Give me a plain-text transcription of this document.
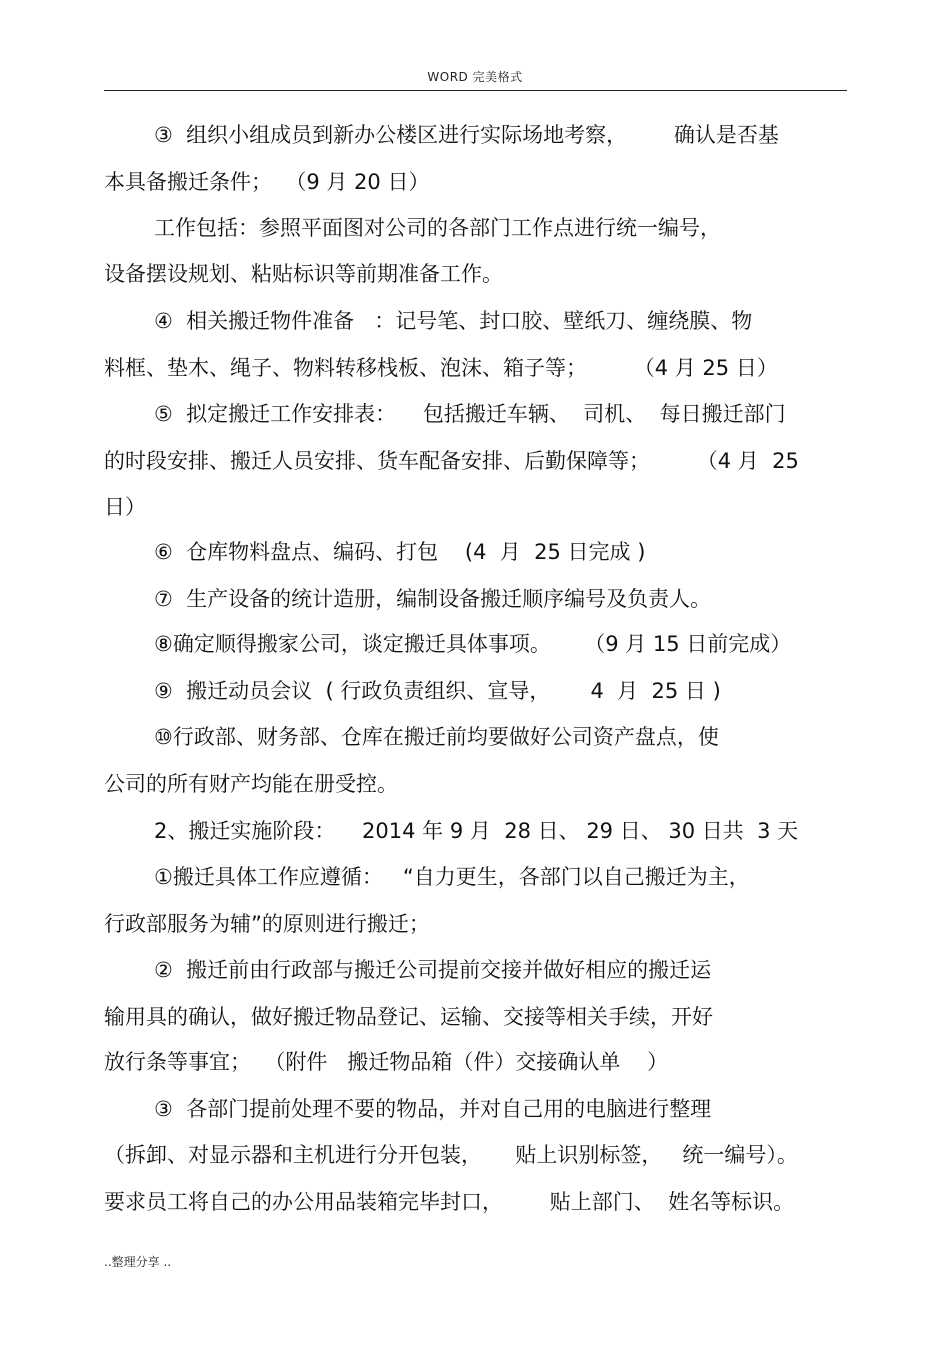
WORD 完美格式
③  组织小组成员到新办公楼区进行实际场地考察，       确认是否基
本具备搬迁条件；  （9 月 20 日）
工作包括：参照平面图对公司的各部门工作点进行统一编号，
设备摆设规划、粘贴标识等前期准备工作。
④  相关搬迁物件准备   ：记号笔、封口胶、壁纸刀、缠绕膜、物
料框、垫木、绳子、物料转移栈板、泡沫、箱子等；       （4 月 25 日）
⑤  拟定搬迁工作安排表：    包括搬迁车辆、  司机、  每日搬迁部门
的时段安排、搬迁人员安排、货车配备安排、后勤保障等；       （4 月  25
日）
⑥  仓库物料盘点、编码、打包    (4  月  25 日完成 )
⑦  生产设备的统计造册，编制设备搬迁顺序编号及负责人。
⑧确定顺得搬家公司，谈定搬迁具体事项。     （9 月 15 日前完成）
⑨  搬迁动员会议  ( 行政负责组织、宣导，      4  月  25 日 )
⑩行政部、财务部、仓库在搬迁前均要做好公司资产盘点，使
公司的所有财产均能在册受控。
2、搬迁实施阶段：    2014 年 9 月  28 日、 29 日、 30 日共  3 天
①搬迁具体工作应遵循：   “自力更生，各部门以自己搬迁为主，
行政部服务为辅”的原则进行搬迁；
②  搬迁前由行政部与搬迁公司提前交接并做好相应的搬迁运
输用具的确认，做好搬迁物品登记、运输、交接等相关手续，开好
放行条等事宜；  （附件   搬迁物品箱（件）交接确认单    ）
③  各部门提前处理不要的物品，并对自己用的电脑进行整理
（拆卸、对显示器和主机进行分开包装，     贴上识别标签，   统一编号）。
要求员工将自己的办公用品装箱完毕封口，       贴上部门、  姓名等标识。
..整理分享 ..
